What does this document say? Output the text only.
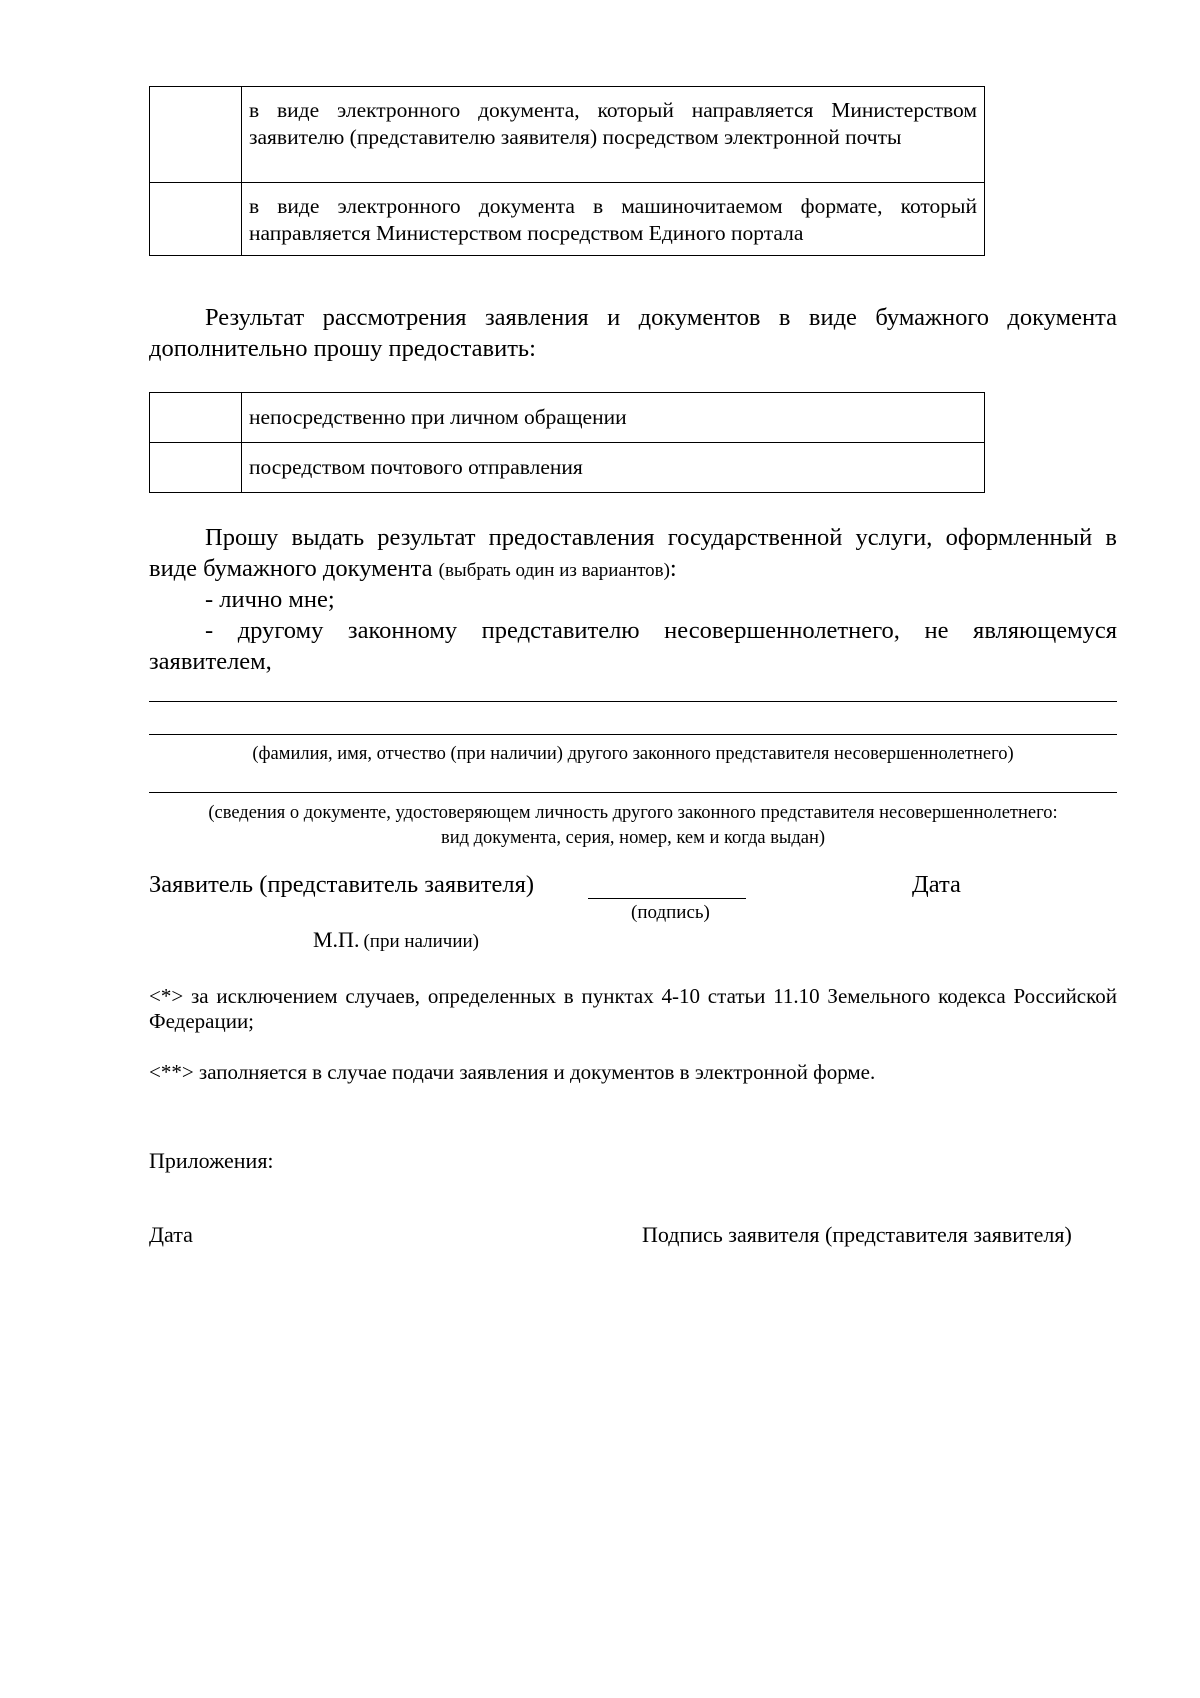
	в виде электронного документа, который направляется Министерством заявителю (представителю заявителя) посредством электронной почты
	в виде электронного документа в машиночитаемом формате, который направляется Министерством посредством Единого портала
Результат рассмотрения заявления и документов в виде бумажного документа дополнительно прошу предоставить:
	непосредственно при личном обращении
	посредством почтового отправления
Прошу выдать результат предоставления государственной услуги, оформленный в виде бумажного документа (выбрать один из вариантов):
- лично мне;
- другому законному представителю несовершеннолетнего, не являющемуся заявителем,
(фамилия, имя, отчество (при наличии) другого законного представителя несовершеннолетнего)
(сведения о документе, удостоверяющем личность другого законного представителя несовершеннолетнего:
вид документа, серия, номер, кем и когда выдан)
Заявитель (представитель заявителя)	Дата
(подпись)
М.П. (при наличии)
<*> за исключением случаев, определенных в пунктах 4-10 статьи 11.10 Земельного кодекса Российской Федерации;
<**> заполняется в случае подачи заявления и документов в электронной форме.
Приложения:
Дата	Подпись заявителя (представителя заявителя)
